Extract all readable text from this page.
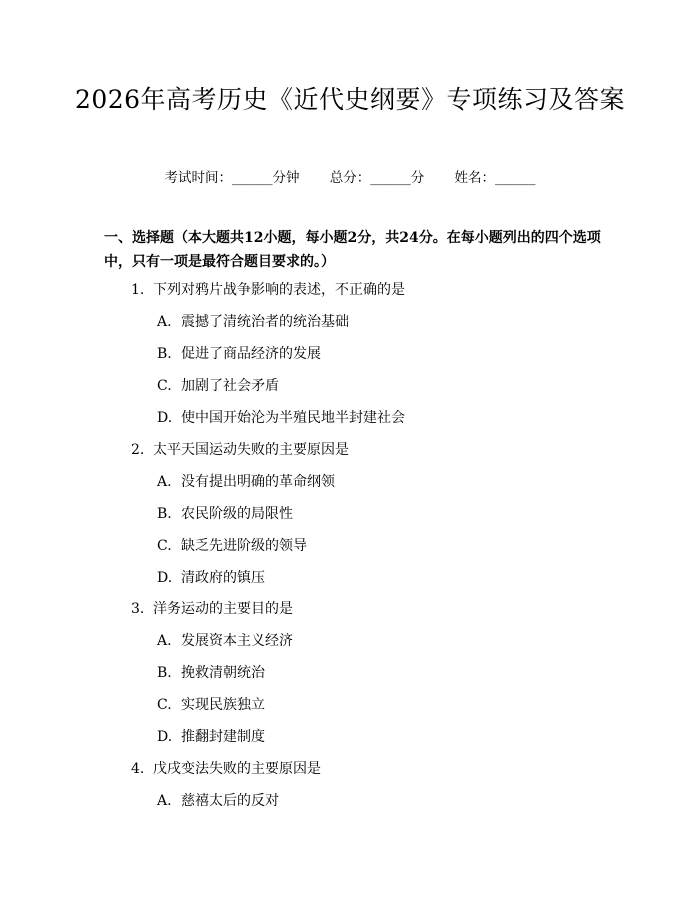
2026年高考历史《近代史纲要》专项练习及答案
考试时间：______分钟 总分：______分 姓名：______
一、选择题（本大题共12小题，每小题2分，共24分。在每小题列出的四个选项中，只有一项是最符合题目要求的。）
1. 下列对鸦片战争影响的表述，不正确的是
A. 震撼了清统治者的统治基础
B. 促进了商品经济的发展
C. 加剧了社会矛盾
D. 使中国开始沦为半殖民地半封建社会
2. 太平天国运动失败的主要原因是
A. 没有提出明确的革命纲领
B. 农民阶级的局限性
C. 缺乏先进阶级的领导
D. 清政府的镇压
3. 洋务运动的主要目的是
A. 发展资本主义经济
B. 挽救清朝统治
C. 实现民族独立
D. 推翻封建制度
4. 戊戌变法失败的主要原因是
A. 慈禧太后的反对
